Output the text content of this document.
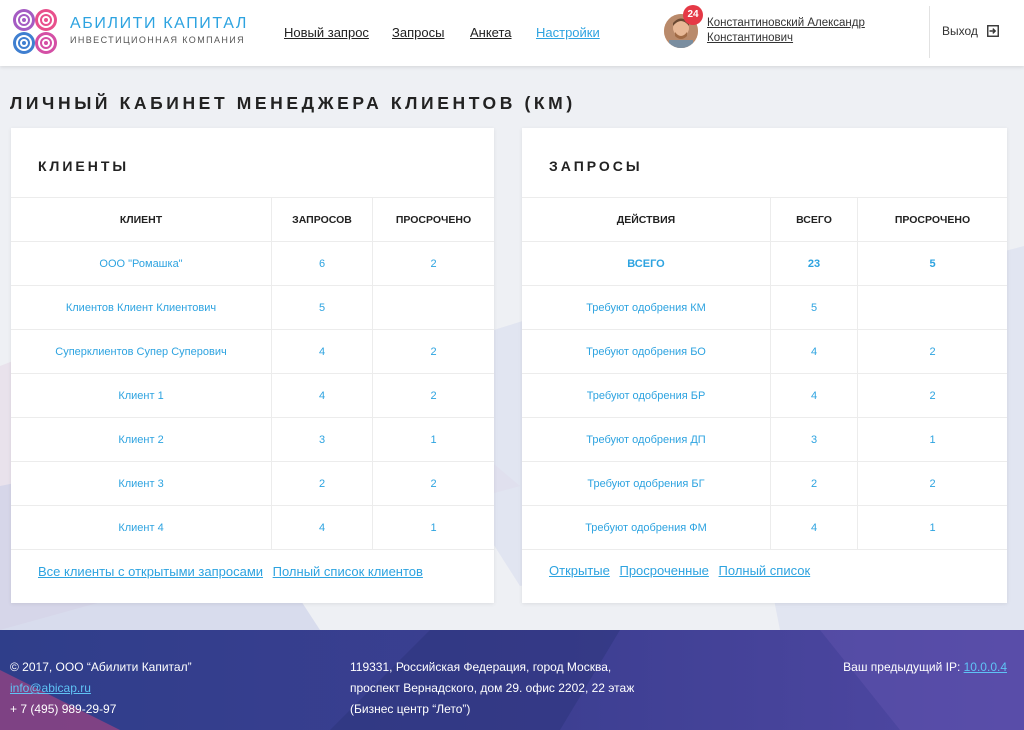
АБИЛИТИ КАПИТАЛ
ИНВЕСТИЦИОННАЯ КОМПАНИЯ	Новый запрос Запросы Анкета Настройки
24
Константиновский Александр
Константинович	Выход
ЛИЧНЫЙ КАБИНЕТ МЕНЕДЖЕРА КЛИЕНТОВ (КМ)
КЛИЕНТЫ
КЛИЕНТ	ЗАПРОСОВ	ПРОСРОЧЕНО
ООО "Ромашка"	6	2
Клиентов Клиент Клиентович	5	
Суперклиентов Супер Суперович	4	2
Клиент 1	4	2
Клиент 2	3	1
Клиент 3	2	2
Клиент 4	4	1
Все клиенты с открытыми запросами Полный список клиентов
ЗАПРОСЫ
ДЕЙСТВИЯ	ВСЕГО	ПРОСРОЧЕНО
ВСЕГО	23	5
Требуют одобрения КМ	5	
Требуют одобрения БО	4	2
Требуют одобрения БР	4	2
Требуют одобрения ДП	3	1
Требуют одобрения БГ	2	2
Требуют одобрения ФМ	4	1
Открытые Просроченные Полный список
© 2017, ООО “Абилити Капитал”
info@abicap.ru
+ 7 (495) 989-29-97
119331, Российская Федерация, город Москва,
проспект Вернадского, дом 29. офис 2202, 22 этаж
(Бизнес центр “Лето”)
Ваш предыдущий IP: 10.0.0.4
